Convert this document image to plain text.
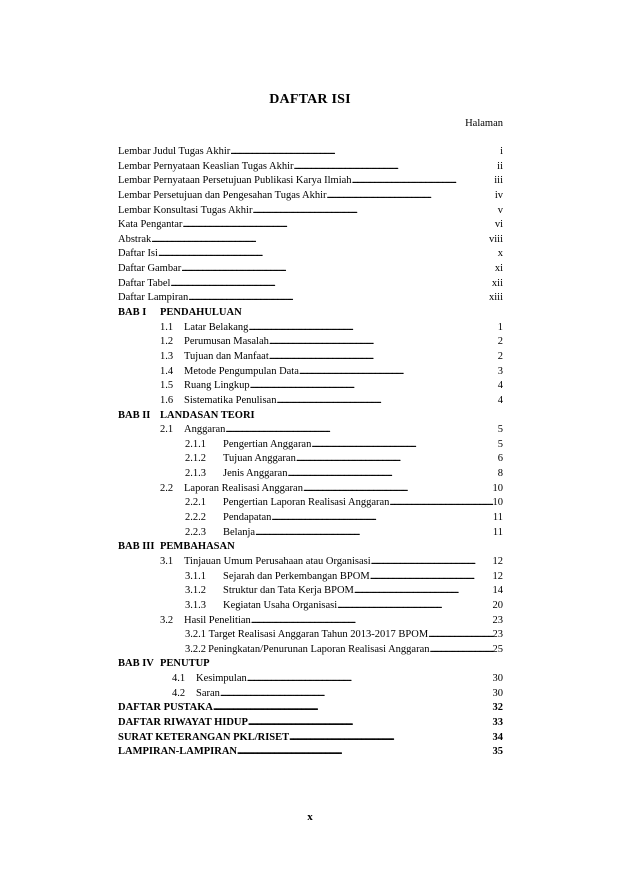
DAFTAR ISI
Halaman
Lembar Judul Tugas Akhir . . .	i
Lembar Pernyataan Keaslian Tugas Akhir . . .	ii
Lembar Pernyataan Persetujuan Publikasi Karya Ilmiah . . .	iii
Lembar Persetujuan dan Pengesahan Tugas Akhir . . .	iv
Lembar Konsultasi Tugas Akhir . . .	v
Kata Pengantar . . .	vi
Abstrak . . .	viii
Daftar Isi . . .	x
Daftar Gambar . . .	xi
Daftar Tabel . . .	xii
Daftar Lampiran . . .	xiii
BAB I	PENDAHULUAN
1.1	Latar Belakang . . .	1
1.2	Perumusan Masalah . . .	2
1.3	Tujuan dan Manfaat . . .	2
1.4	Metode Pengumpulan Data . . .	3
1.5	Ruang Lingkup . . .	4
1.6	Sistematika Penulisan . . .	4
BAB II LANDASAN TEORI
2.1	Anggaran . . .	5
2.1.1	Pengertian Anggaran . . .	5
2.1.2	Tujuan Anggaran . . .	6
2.1.3	Jenis Anggaran . . .	8
2.2	Laporan Realisasi Anggaran . . .	10
2.2.1	Pengertian Laporan Realisasi Anggaran . . .	10
2.2.2	Pendapatan . . .	11
2.2.3	Belanja . . .	11
BAB III PEMBAHASAN
3.1	Tinjauan Umum Perusahaan atau Organisasi . . .	12
3.1.1	Sejarah dan Perkembangan BPOM . . .	12
3.1.2	Struktur dan Tata Kerja BPOM . . .	14
3.1.3	Kegiatan Usaha Organisasi . . .	20
3.2	Hasil Penelitian . . .	23
3.2.1 Target Realisasi Anggaran Tahun 2013-2017 BPOM . . .	23
3.2.2 Peningkatan/Penurunan Laporan Realisasi Anggaran . . .	25
BAB IV PENUTUP
4.1	Kesimpulan . . .	30
4.2	Saran . . .	30
DAFTAR PUSTAKA . . .	32
DAFTAR RIWAYAT HIDUP . . .	33
SURAT KETERANGAN PKL/RISET . . .	34
LAMPIRAN-LAMPIRAN . . .	35
x
